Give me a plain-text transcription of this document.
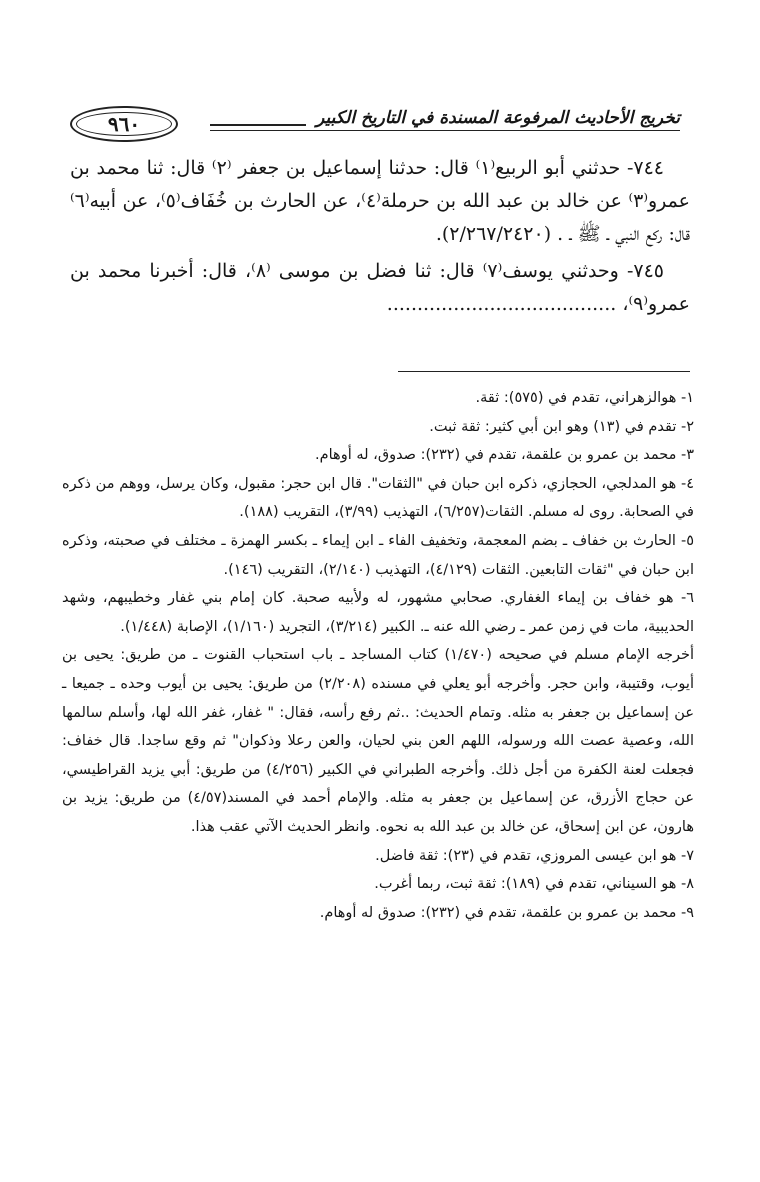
تخريج الأحاديث المرفوعة المسندة في التاريخ الكبير
٩٦٠

٧٤٤- حدثني أبو الربيع⁽١⁾ قال: حدثنا إسماعيل بن جعفر ⁽٢⁾ قال: ثنا محمد بن عمرو⁽٣⁾ عن خالد بن عبد الله بن حرملة⁽٤⁾، عن الحارث بن خُفَاف⁽٥⁾، عن أبيه⁽٦⁾ قال: ركع النبي ـ ﷺ ـ . (٢/٢٦٧/٢٤٢٠).

٧٤٥- وحدثني يوسف⁽٧⁾ قال: ثنا فضل بن موسى ⁽٨⁾، قال: أخبرنا محمد بن عمرو⁽٩⁾، ......................................

١- هوالزهراني، تقدم في (٥٧٥): ثقة.

٢- تقدم في (١٣) وهو ابن أبي كثير: ثقة ثبت.

٣- محمد بن عمرو بن علقمة، تقدم في (٢٣٢): صدوق، له أوهام.

٤- هو المدلجي، الحجازي، ذكره ابن حبان في "الثقات". قال ابن حجر: مقبول، وكان يرسل، ووهم من ذكره في الصحابة. روى له مسلم. الثقات(٦/٢٥٧)، التهذيب (٣/٩٩)، التقريب (١٨٨).

٥- الحارث بن خفاف ـ بضم المعجمة، وتخفيف الفاء ـ ابن إيماء ـ بكسر الهمزة ـ مختلف في صحبته، وذكره ابن حبان في "ثقات التابعين. الثقات (٤/١٢٩)، التهذيب (٢/١٤٠)، التقريب (١٤٦).

٦- هو خفاف بن إيماء الغفاري. صحابي مشهور، له ولأبيه صحبة. كان إمام بني غفار وخطيبهم، وشهد الحديبية، مات في زمن عمر ـ رضي الله عنه ـ. الكبير (٣/٢١٤)، التجريد (١/١٦٠)، الإصابة (١/٤٤٨).

أخرجه الإمام مسلم في صحيحه (١/٤٧٠) كتاب المساجد ـ باب استحباب القنوت ـ من طريق: يحيى بن أيوب، وقتيبة، وابن حجر. وأخرجه أبو يعلي في مسنده (٢/٢٠٨) من طريق: يحيى بن أيوب وحده ـ جميعا ـ عن إسماعيل بن جعفر به مثله. وتمام الحديث: ..ثم رفع رأسه، فقال: " غفار، غفر الله لها، وأسلم سالمها الله، وعصية عصت الله ورسوله، اللهم العن بني لحيان، والعن رعلا وذكوان" ثم وقع ساجدا. قال خفاف: فجعلت لعنة الكفرة من أجل ذلك. وأخرجه الطبراني في الكبير (٤/٢٥٦) من طريق: أبي يزيد القراطيسي، عن حجاج الأزرق، عن إسماعيل بن جعفر به مثله. والإمام أحمد في المسند(٤/٥٧) من طريق: يزيد بن هارون، عن ابن إسحاق، عن خالد بن عبد الله به نحوه. وانظر الحديث الآتي عقب هذا.

٧- هو ابن عيسى المروزي، تقدم في (٢٣): ثقة فاضل.

٨- هو السيناني، تقدم في (١٨٩): ثقة ثبت، ربما أغرب.

٩- محمد بن عمرو بن علقمة، تقدم في (٢٣٢): صدوق له أوهام.
